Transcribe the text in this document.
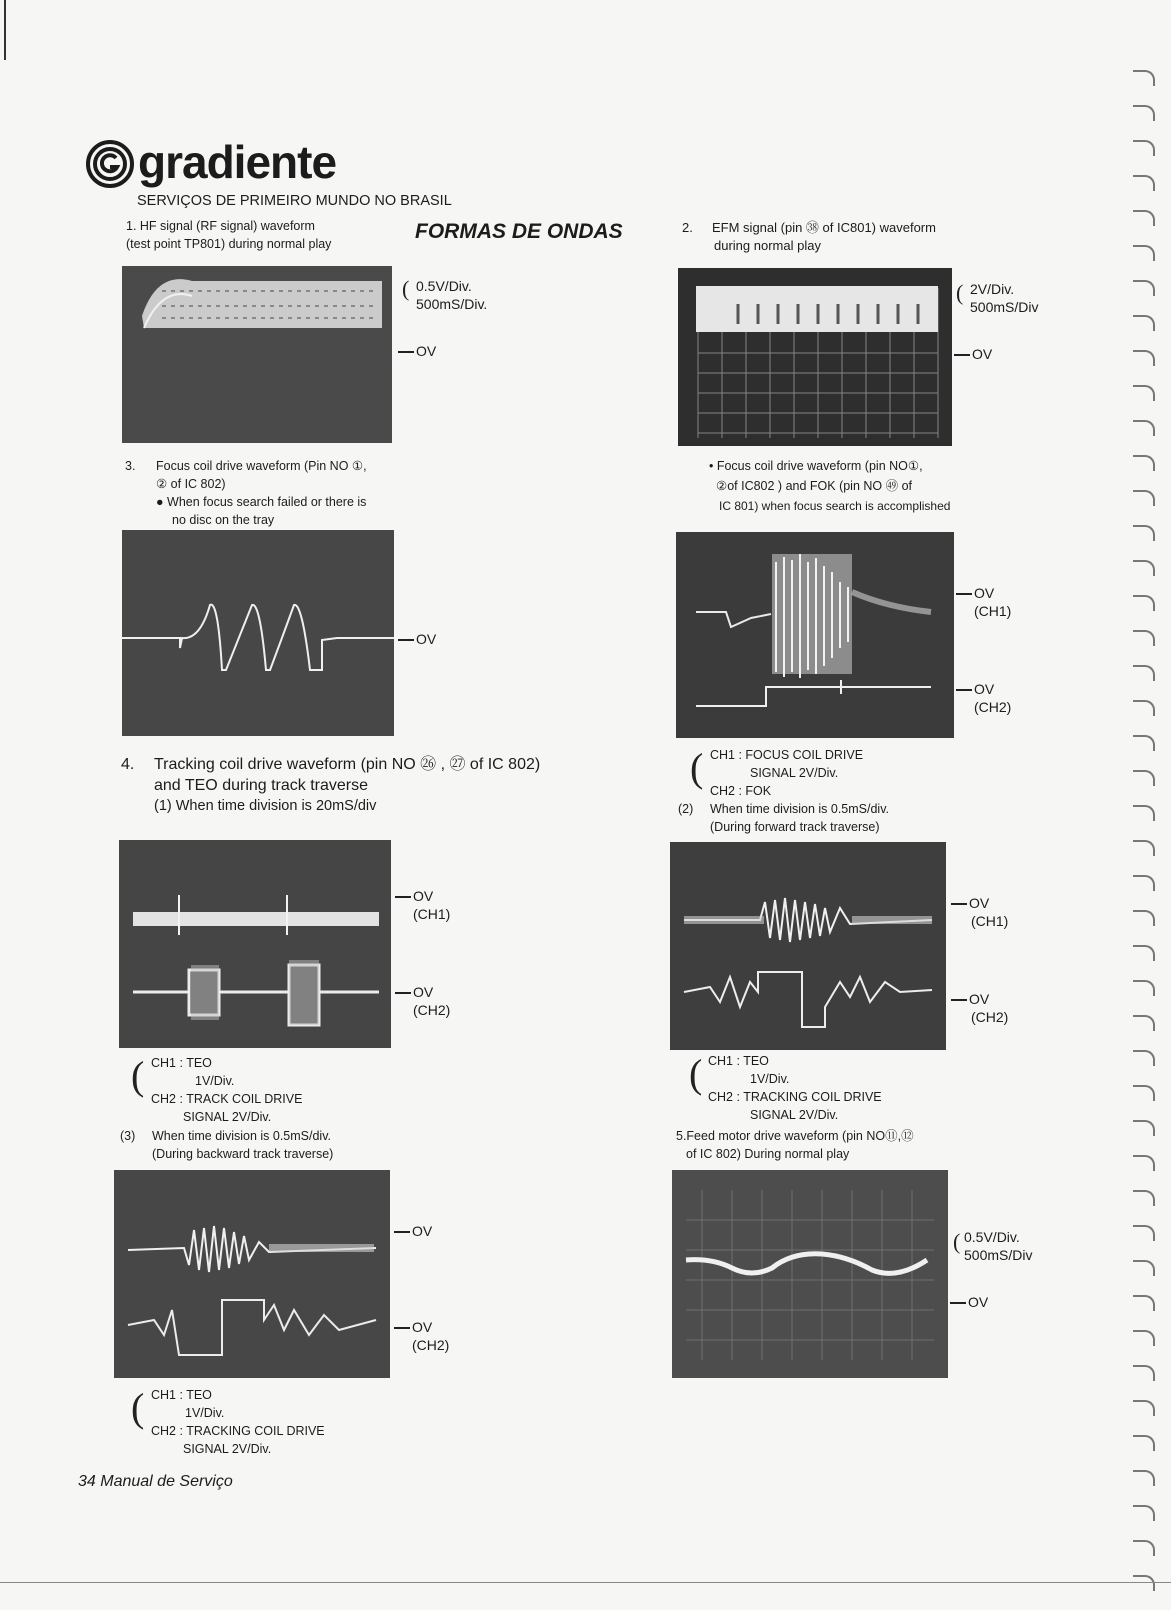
gradiente
SERVIÇOS DE PRIMEIRO MUNDO NO BRASIL
FORMAS DE ONDAS
1. HF signal (RF signal) waveform
(test point TP801) during normal play
( 0.5V/Div.
500mS/Div.
OV
2. EFM signal (pin ㊳ of IC801) waveform
during normal play
( 2V/Div.
500mS/Div
OV
3. Focus coil drive waveform (Pin NO ①,
② of IC 802)
● When focus search failed or there is
no disc on the tray
OV
• Focus coil drive waveform (pin NO①,
②of IC802 ) and FOK (pin NO ㊾ of
IC 801) when focus search is accomplished
OV
(CH1)
OV
(CH2)
( CH1 : FOCUS COIL DRIVE
SIGNAL 2V/Div.
CH2 : FOK
4. Tracking coil drive waveform (pin NO ㉖ , ㉗ of IC 802)
and TEO during track traverse
(1) When time division is 20mS/div
OV
(CH1)
OV
(CH2)
( CH1 : TEO
1V/Div.
CH2 : TRACK COIL DRIVE
SIGNAL 2V/Div.
(2) When time division is 0.5mS/div.
(During forward track traverse)
OV
(CH1)
OV
(CH2)
( CH1 : TEO
1V/Div.
CH2 : TRACKING COIL DRIVE
SIGNAL 2V/Div.
(3) When time division is 0.5mS/div.
(During backward track traverse)
OV
OV
(CH2)
( CH1 : TEO
1V/Div.
CH2 : TRACKING COIL DRIVE
SIGNAL 2V/Div.
5.Feed motor drive waveform (pin NO⑪,⑫
of IC 802) During normal play
( 0.5V/Div.
500mS/Div
OV
34 Manual de Serviço
